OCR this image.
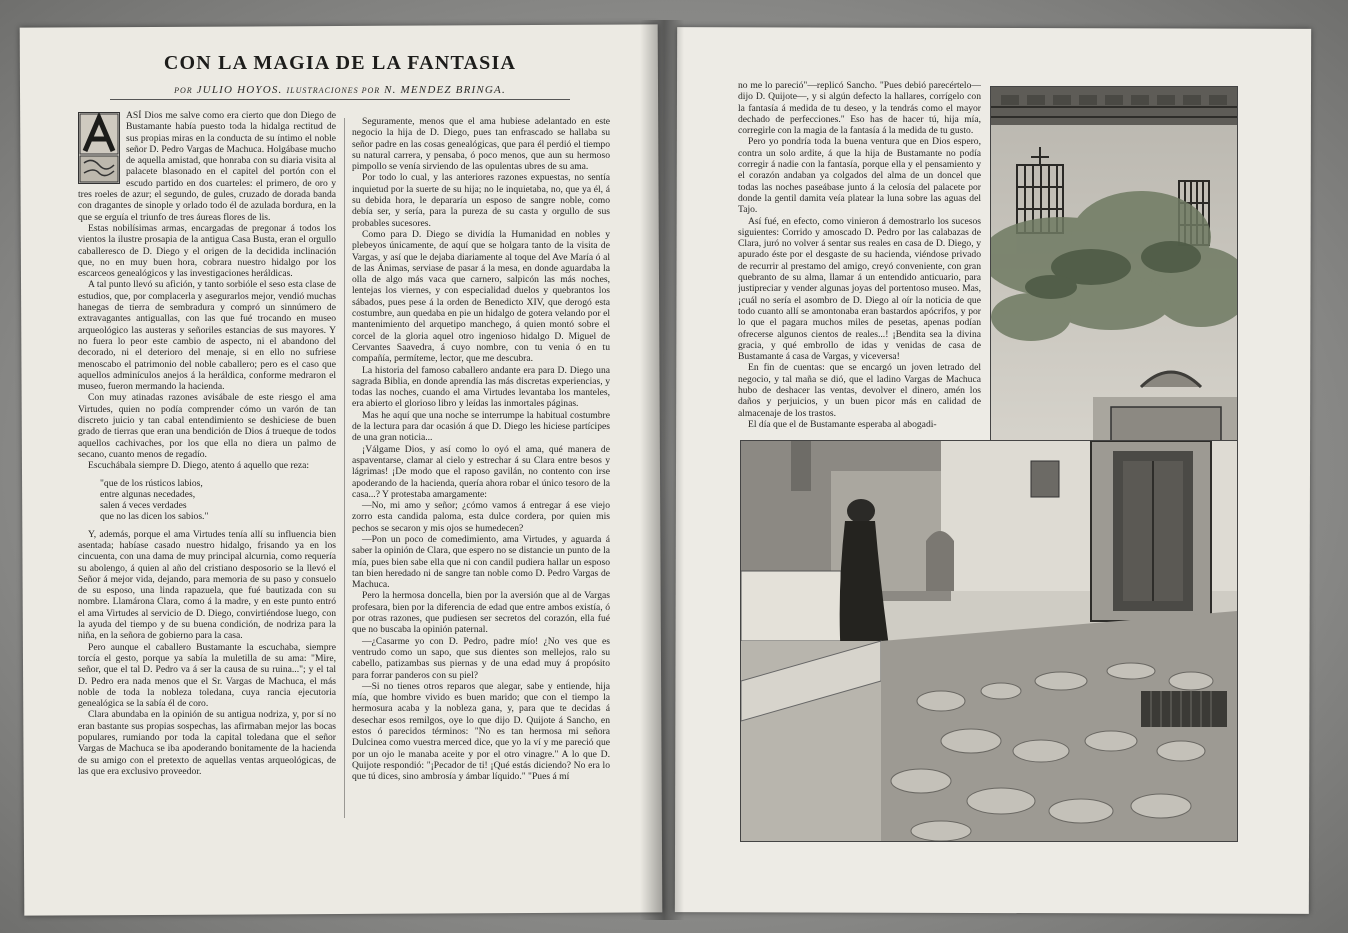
CON LA MAGIA DE LA FANTASIA
POR JULIO HOYOS. ILUSTRACIONES POR N. MENDEZ BRINGA.

ASÍ Dios me salve como era cierto que don Diego de Bustamante había puesto toda la hidalga rectitud de sus propias miras en la conducta de su íntimo el noble señor D. Pedro Vargas de Machuca. Holgábase mucho de aquella amistad, que honraba con su diaria visita al palacete blasonado en el capitel del portón con el escudo partido en dos cuarteles: el primero, de oro y tres roeles de azur; el segundo, de gules, cruzado de dorada banda con dragantes de sinople y orlado todo él de azulada bordura, en la que se erguía el triunfo de tres áureas flores de lis.

Estas nobilísimas armas, encargadas de pregonar á todos los vientos la ilustre prosapia de la antigua Casa Busta, eran el orgullo caballeresco de D. Diego y el origen de la decidida inclinación que, no en muy buen hora, cobrara nuestro hidalgo por los escarceos genealógicos y las investigaciones heráldicas.

A tal punto llevó su afición, y tanto sorbióle el seso esta clase de estudios, que, por complacerla y asegurarlos mejor, vendió muchas hanegas de tierra de sembradura y compró un sinnúmero de extravagantes antiguallas, con las que fué trocando en museo arqueológico las austeras y señoriles estancias de sus mayores. Y no fuera lo peor este cambio de aspecto, ni el abandono del decorado, ni el deterioro del menaje, si en ello no sufriese menoscabo el patrimonio del noble caballero; pero es el caso que aquellos adminículos anejos á la heráldica, conforme medraron el museo, fueron mermando la hacienda.

Con muy atinadas razones avisábale de este riesgo el ama Virtudes, quien no podía comprender cómo un varón de tan discreto juicio y tan cabal entendimiento se deshiciese de buen grado de tierras que eran una bendición de Dios á trueque de todos aquellos cachivaches, por los que ella no diera un palmo de secano, cuanto menos de regadío.

Escuchábala siempre D. Diego, atento á aquello que reza:

"que de los rústicos labios,
entre algunas necedades,
salen á veces verdades
que no las dicen los sabios."

Y, además, porque el ama Virtudes tenía allí su influencia bien asentada; habíase casado nuestro hidalgo, frisando ya en los cincuenta, con una dama de muy principal alcurnia, como requería su abolengo, á quien al año del cristiano desposorio se la llevó el Señor á mejor vida, dejando, para memoria de su paso y consuelo de su esposo, una linda rapazuela, que fué bautizada con su nombre. Llamárona Clara, como á la madre, y en este punto entró el ama Virtudes al servicio de D. Diego, convirtiéndose luego, con la ayuda del tiempo y de su buena condición, de nodriza para la niña, en la señora de gobierno para la casa.

Pero aunque el caballero Bustamante la escuchaba, siempre torcía el gesto, porque ya sabía la muletilla de su ama: "Mire, señor, que el tal D. Pedro va á ser la causa de su ruina..."; y el tal D. Pedro era nada menos que el Sr. Vargas de Machuca, el más noble de toda la nobleza toledana, cuya rancia ejecutoria genealógica se la sabía él de coro.

Clara abundaba en la opinión de su antigua nodriza, y, por sí no eran bastante sus propias sospechas, las afirmaban mejor las bocas populares, rumiando por toda la capital toledana que el señor Vargas de Machuca se iba apoderando bonitamente de la hacienda de su amigo con el pretexto de aquellas ventas arqueológicas, de las que era exclusivo proveedor.

Seguramente, menos que el ama hubiese adelantado en este negocio la hija de D. Diego, pues tan enfrascado se hallaba su señor padre en las cosas genealógicas, que para él perdió el tiempo su natural carrera, y pensaba, ó poco menos, que aun su hermoso pimpollo se venía sirviendo de las opulentas ubres de su ama.

Por todo lo cual, y las anteriores razones expuestas, no sentía inquietud por la suerte de su hija; no le inquietaba, no, que ya él, á su debida hora, le depararía un esposo de sangre noble, como debía ser, y sería, para la pureza de su casta y orgullo de sus probables sucesores.

Como para D. Diego se dividía la Humanidad en nobles y plebeyos únicamente, de aquí que se holgara tanto de la visita de Vargas, y así que le dejaba diariamente al toque del Ave María ó al de las Ánimas, serviase de pasar á la mesa, en donde aguardaba la olla de algo más vaca que carnero, salpicón las más noches, lentejas los viernes, y con especialidad duelos y quebrantos los sábados, pues pese á la orden de Benedicto XIV, que derogó esta costumbre, aun quedaba en pie un hidalgo de gotera velando por el mantenimiento del arquetipo manchego, á quien montó sobre el corcel de la gloria aquel otro ingenioso hidalgo D. Miguel de Cervantes Saavedra, á cuyo nombre, con tu venia ó en tu compañía, permíteme, lector, que me descubra.

La historia del famoso caballero andante era para D. Diego una sagrada Biblia, en donde aprendía las más discretas experiencias, y todas las noches, cuando el ama Virtudes levantaba los manteles, era abierto el glorioso libro y leídas las inmortales páginas.

Mas he aquí que una noche se interrumpe la habitual costumbre de la lectura para dar ocasión á que D. Diego les hiciese partícipes de una gran noticia...

¡Válgame Dios, y así como lo oyó el ama, qué manera de aspaventarse, clamar al cielo y estrechar á su Clara entre besos y lágrimas! ¡De modo que el raposo gavilán, no contento con irse apoderando de la hacienda, quería ahora robar el único tesoro de la casa...? Y protestaba amargamente:

—No, mi amo y señor; ¿cómo vamos á entregar á ese viejo zorro esta candida paloma, esta dulce cordera, por quien mis pechos se secaron y mis ojos se humedecen?

—Pon un poco de comedimiento, ama Virtudes, y aguarda á saber la opinión de Clara, que espero no se distancie un punto de la mía, pues bien sabe ella que ni con candil pudiera hallar un esposo tan bien heredado ni de sangre tan noble como D. Pedro Vargas de Machuca.

Pero la hermosa doncella, bien por la aversión que al de Vargas profesara, bien por la diferencia de edad que entre ambos existía, ó por otras razones, que pudiesen ser secretos del corazón, ella fué que no buscaba la opinión paternal.

—¿Casarme yo con D. Pedro, padre mío! ¿No ves que es ventrudo como un sapo, que sus dientes son mellejos, ralo su cabello, patizambas sus piernas y de una edad muy á propósito para forrar panderos con su piel?

—Si no tienes otros reparos que alegar, sabe y entiende, hija mía, que hombre vivido es buen marido; que con el tiempo la hermosura acaba y la nobleza gana, y, para que te decidas á desechar esos remilgos, oye lo que dijo D. Quijote á Sancho, en estos ó parecidos términos: "No es tan hermosa mi señora Dulcinea como vuestra merced dice, que yo la ví y me pareció que por un ojo le manaba aceite y por el otro vinagre." A lo que D. Quijote respondió: "¡Pecador de ti! ¡Qué estás diciendo? No era lo que tú dices, sino ambrosía y ámbar líquido." "Pues á mí

no me lo pareció"—replicó Sancho. "Pues debió parecértelo—dijo D. Quijote—, y si algún defecto la hallares, corrígelo con la fantasía á medida de tu deseo, y la tendrás como el mayor dechado de perfecciones." Eso has de hacer tú, hija mía, corregirle con la magia de la fantasía á la medida de tu gusto.

Pero yo pondría toda la buena ventura que en Dios espero, contra un solo ardite, á que la hija de Bustamante no podía corregir á nadie con la fantasía, porque ella y el pensamiento y el corazón andaban ya colgados del alma de un doncel que todas las noches paseábase junto á la celosía del palacete por donde la gentil damita veía platear la luna sobre las aguas del Tajo.

Así fué, en efecto, como vinieron á demostrarlo los sucesos siguientes: Corrido y amoscado D. Pedro por las calabazas de Clara, juró no volver á sentar sus reales en casa de D. Diego, y apurado éste por el desgaste de su hacienda, viéndose privado de recurrir al prestamo del amigo, creyó conveniente, con gran quebranto de su alma, llamar á un entendido anticuario, para justipreciar y vender algunas joyas del portentoso museo. Mas, ¡cuál no sería el asombro de D. Diego al oír la noticia de que todo cuanto allí se amontonaba eran bastardos apócrifos, y por lo que el pagara muchos miles de pesetas, apenas podían ofrecerse algunos cientos de reales...! ¡Bendita sea la divina gracia, y qué embrollo de idas y venidas de casa de Bustamante á casa de Vargas, y viceversa!

En fin de cuentas: que se encargó un joven letrado del negocio, y tal maña se dió, que el ladino Vargas de Machuca hubo de deshacer las ventas, devolver el dinero, amén los daños y perjuicios, y un buen picor más en calidad de almacenaje de los trastos.

El día que el de Bustamante esperaba al abogadi-
